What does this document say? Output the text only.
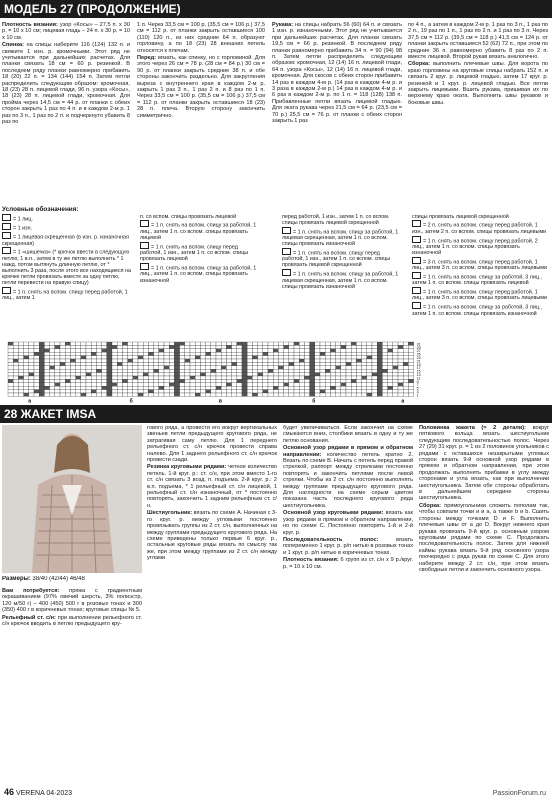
МОДЕЛЬ 27 (ПРОДОЛЖЕНИЕ)

Плотность вязания: узор «Косы» – 27,5 п. х 30 р. = 10 х 10 см; лицевая гладь – 24 п. х 30 р. = 10 х 10 см.

Спинка: на спицы наберите 116 (124) 132 п. и свяжите 1 изн. р. кромочными. Этот ряд не учитывается при дальнейших расчетах. Для планки связать 18 см = 60 р. резинкой. В последнем ряду планки равномерно прибавить 18 (20) 22 п. = 134 (144) 154 п. Затем петли распределить следующим образом: кромочная, 18 (23) 28 п. лицевой глади, 96 п. узора «Косы», 18 (23) 28 п. лицевой глади, кромочная. Для пройма через 14,5 см = 44 р. от планки с обеих сторон закрыть 1 раз по 4 п. и в каждом 2-м р. 1 раз по 3 п., 1 раз по 2 п. и подчеркнуто убавить 8 раз по

1 п. Через 33,5 см = 100 р. (35,5 см = 106 р.) 37,5 см = 112 р. от планки закрыть оставшиеся 100 (110) 120 п., из них средние 64 п. образуют горловину, а по 18 (23) 28 внешних петель относятся к плечам.

Перед: вязать, как спинку, но с горловиной. Для этого через 26 см = 78 р. (28 см = 84 р.) 30 см = 90 р. от планки закрыть средние 38 п. и обе стороны закончить раздельно. Для закругления выреза с внутреннего края в каждом 2-м р. закрыть 1 раз 3 п., 1 раз 2 п. и 8 раз по 1 п. Через 33,5 см = 100 р. (35,5 см = 106 р.) 37,5 см = 112 р. от планки закрыть оставшиеся 18 (23) 28 п. плеча. Вторую сторону закончить симметрично.

Рукава: на спицы набрать 56 (60) 64 п. и связать 1 изн. р. изнаночными. Этот ряд не учитывается при дальнейших расчетах. Для планки связать 19,5 см = 66 р. резинкой. В последнем ряду планки равномерно прибавить 34 п. = 90 (94) 98 п. Затем петли распределить следующим образом: кромочная, 12 (14) 16 п. лицевой глади, 64 п. узора «Косы», 12 (14) 16 п. лицевой глади, кромочная. Для скосов с обеих сторон прибавить 14 раз в каждом 4-м р. (14 раз в каждом 4-м р. и 3 раза в каждом 2-м р.) 14 раз в каждом 4-м р. и 6 раз в каждом 2-м р. по 1 п. = 118 (128) 138 п. Прибавленные петли вязать лицевой гладью. Для оката рукава через 21,5 см = 64 р. (23,5 см = 70 р.) 25,5 см = 76 р. от планки с обеих сторон закрыть 1 раз

по 4 п., а затем в каждом 2-м р. 1 раз по 3 п., 1 раз по 2 п., 19 раз по 1 п., 1 раз по 2 п. и 1 раз по 3 п. Через 37,5 см = 112 р. (39,5 см = 118 р.) 41,5 см = 124 р. от планки закрыть оставшиеся 52 (62) 72 п., при этом по средние 36 п. равномерно убавить 8 раз по 2 п. вместе лицевой. Второй рукав вязать аналогично.

Сборка: выполнить плечевые швы. Для ворота по краю горловины на круговые спицы набрать 152 п. и связать 2 круг. р. лицевой гладью, затем 17 круг. р. резинкой и 1 круг. р. лицевой гладью. Все петли закрыть лицевыми. Вшить рукава, пришивая их по верхнему краю оката. Выполнить швы рукавов и боковые швы.

Условные обозначения:
= 1 лиц.
= 1 изн.
= 1 лицевая скрещенная (в изн. р. изнаночная скрещенная)
= 1 «шишечка» (* крючок ввести в следующую петлю, 1 в.п., затем в ту же петлю выполнить * 1 нажд. потом вытянуть длинную петлю, от * выполнить 3 раза, после этого все находящиеся на крючке петли провязать вместе за одну петлю, петли перевести на правую спицу)
= 1 п. снять на вспом. спицу перед работой, 1 лиц., затем 1
п. со вспом. спицы провязать лицевой
= 1 п. снять на вспом. спицу за работой, 1 лиц., затем 1 п. со вспом. спицы провязать лицевой
= 1 п. снять на вспом. спицу перед работой, 1 изн., затем 1 п. со вспом. спицы провязать лицевой
= 1 п. снять на вспом. спицу за работой, 1 лиц., затем 1 п. со вспом. спицы провязать изнаночной
перед работой, 1 изн., затем 1 п. со вспом. спицы провязать лицевой скрещенной
= 1 п. снять на вспом. спицу за работой, 1 лицевая скрещенная, затем 1 п. со вспом. спицы провязать изнаночной
= 1 п. снять на вспом. спицу перед работой, 1 изн., затем 1 п. со вспом. спицы провязать лицевой скрещенной
= 1 п. снять на вспом. спицу за работой, 1 лицевая скрещенная, затем 1 п. со вспом. спицы провязать изнаночной
спицы провязать лицевой скрещенной
= 2 п. снять на вспом. спицу перед работой, 1 изн., затем 2 п. со вспом. спицы провязать лицевыми
= 1 п. снять на вспом. спицу перед работой, 2 лиц., затем 1 п. со вспом. спицы провязать изнаночной
= 3 п. снять на вспом. спицу перед работой, 1 лиц., затем 3 п. со вспом. спицы провязать лицевыми
= 1 п. снять на вспом. спицу за работой, 3 лиц., затем 1 п. со вспом. спицы провязать лицевой
= 1 п. снять на вспом. спицу перед работой, 1 лиц., затем 3 п. со вспом. спицы провязать лицевыми
= 1 п. снять на вспом. спицу за работой, 3 лиц., затем 1 п. со вспом. спицы провязать изнаночной
31
29
27
25
23
21
19
17
15
13
11
9
7
5
3
1
а	б	в	б	а
28 ЖАКЕТ IMSA

Размеры: 38/40 (42/44) 46/48

Вам потребуется: пряжа с градиентным окрашиванием (97% овечий шерсть, 3% полиэстр, 120 м/50 г) – 400 (450) 500 г в розовых тонах и 300 (350) 400 г в коричневых тонах; круговые спицы № 5.

Рельефный ст. с/н: при выполнении рельефного ст. с/н крючок вводить в петлю предыдущего кру-

гового ряда, а провести его вокруг вертикальных звеньев петли предыдущего кругового ряда, не затрагивая саму петлю. Для 1 переднего рельефного ст. с/н крючок провести справа налево. Для 1 заднего рельефного ст. с/н крючок провести сзади.

Резинка круговыми рядами: четное количество петель. 1-й круг. р.: ст. с/н, при этом вместо 1-го ст. с/н связать 3 возд. п. подъема. 2-й круг. р.: 2 в.п. подъема, * 1 рельефный ст. с/н лицевой, 1 рельефный ст. с/н изнаночный, от * постоянно повторять, закончить 1 задним рельефным ст. с/н.

Шестиугольник: вязать по схеме А. Начиная с 3-го круг. р. между угловыми постоянно провязывать группы из 2 ст. с/н, выполненных на между группами предыдущего кругового ряда. На схеме приведены только первые 6 круг. р., остальные круговые ряды вязать по смыслу так же, при этом между группами из 2 ст. с/н между углами

будет увеличиваться. Если закончил на схеме смыкаются вниз, столбики вязать в одну и ту же петлю основания.

Основной узор рядами в прямом и обратном направлении: количество петель кратно 2. Вязать по схеме В. Начать с петель перед правой стрелкой, раппорт между стрелками постоянно повторять и закончить петлями после левой стрелки. Чтобы из 2 ст. с/н постоянно выполнять между группами предыдущего кругового ряда. Для наглядности на схеме серым цветом показана часть последнего кругового ряда шестиугольника.

Основной узор круговыми рядами: вязать как узор рядами в прямом и обратном направлении, но по схеме С. Постоянно повторять 1-й и 2-й круг. р.

Последовательность полос: вязать попеременно 1 круг. р. р/п нитью в розовых тонах и 1 круг. р. р/п нитью в коричневых тонах.

Плотность вязания: 6 групп из ст. с/н х 9 р./круг. р. = 10 х 10 см.

Половинка жакета (= 2 детали): вокруг пяткового кольца вязать шестиугольник следующим последовательностью полос. Через 27 (29) 31 круг. р. = 1 из 2 половинок угольников с рядами с оставшихся незакрытыми угловых сторон вязать 9-й основной узор рядами в прямом и обратном направлении, при этом продолжать выполнять прибавки в углу между сторонами и угла вязать, как при выполнении шестиугольника. Затем обе стороны обработать в дальнейшем середине стороны шестиугольника.

Сборка: прямоугольники сложить пополам так, чтобы совпали точки и и а, а также b и b. Сшить стороны между точками D и F. Выполнить плечевые швы от а до D. Вокруг нижнего края рукава провязать 9-й круг. р. основным узором круговыми рядами по схеме С. Продолжать последовательность полос. Затем для нижней каймы рукава вязать 9-й ряд основного узора поочередно с ряда рукав по схеме С. Для этого наберите между 2 ст. с/н, при этом вязать свободные петли и закончить основного узора.

46 VERENA 04·2023	PassionForum.ru
